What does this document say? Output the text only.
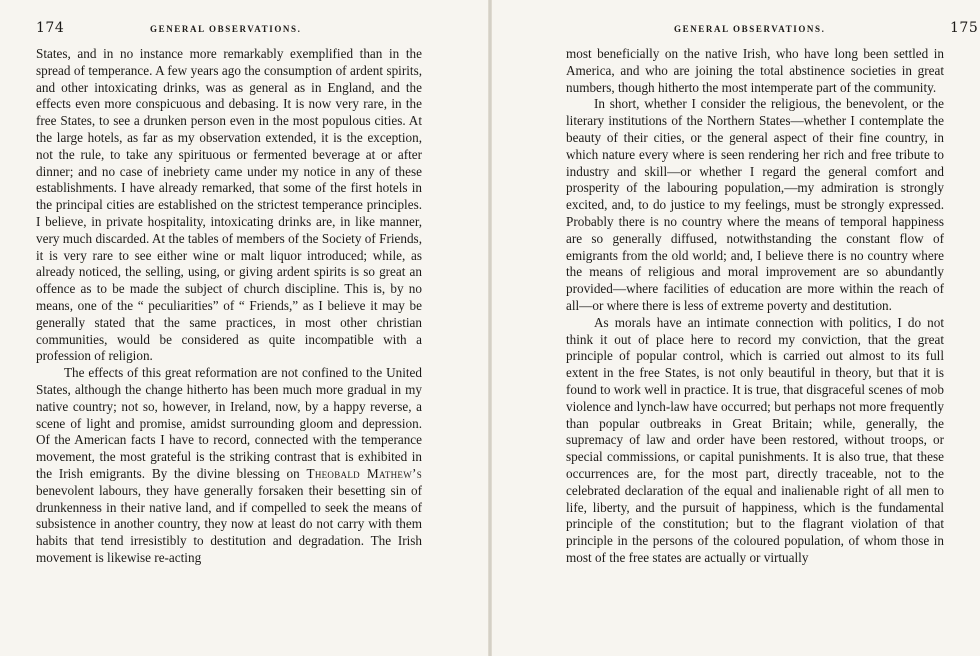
174	GENERAL OBSERVATIONS.

States, and in no instance more remarkably exemplified than in the spread of temperance. A few years ago the consumption of ardent spirits, and other intoxicating drinks, was as general as in England, and the effects even more conspicuous and debasing. It is now very rare, in the free States, to see a drunken person even in the most populous cities. At the large hotels, as far as my observation extended, it is the exception, not the rule, to take any spirituous or fermented beverage at or after dinner; and no case of inebriety came under my notice in any of these establishments. I have already remarked, that some of the first hotels in the principal cities are established on the strictest temperance principles. I believe, in private hospitality, intoxicating drinks are, in like manner, very much discarded. At the tables of members of the Society of Friends, it is very rare to see either wine or malt liquor introduced; while, as already noticed, the selling, using, or giving ardent spirits is so great an offence as to be made the subject of church discipline. This is, by no means, one of the “ peculiarities” of “ Friends,” as I believe it may be generally stated that the same practices, in most other christian communities, would be considered as quite incompatible with a profession of religion.

The effects of this great reformation are not confined to the United States, although the change hitherto has been much more gradual in my native country; not so, however, in Ireland, now, by a happy reverse, a scene of light and promise, amidst surrounding gloom and depression. Of the American facts I have to record, connected with the temperance movement, the most grateful is the striking contrast that is exhibited in the Irish emigrants. By the divine blessing on Theobald Mathew’s benevolent labours, they have generally forsaken their besetting sin of drunkenness in their native land, and if compelled to seek the means of subsistence in another country, they now at least do not carry with them habits that tend irresistibly to destitution and degradation. The Irish movement is likewise re-acting

GENERAL OBSERVATIONS.	175

most beneficially on the native Irish, who have long been settled in America, and who are joining the total abstinence societies in great numbers, though hitherto the most intemperate part of the community.

In short, whether I consider the religious, the benevolent, or the literary institutions of the Northern States—whether I contemplate the beauty of their cities, or the general aspect of their fine country, in which nature every where is seen rendering her rich and free tribute to industry and skill—or whether I regard the general comfort and prosperity of the labouring population,—my admiration is strongly excited, and, to do justice to my feelings, must be strongly expressed. Probably there is no country where the means of temporal happiness are so generally diffused, notwithstanding the constant flow of emigrants from the old world; and, I believe there is no country where the means of religious and moral improvement are so abundantly provided—where facilities of education are more within the reach of all—or where there is less of extreme poverty and destitution.

As morals have an intimate connection with politics, I do not think it out of place here to record my conviction, that the great principle of popular control, which is carried out almost to its full extent in the free States, is not only beautiful in theory, but that it is found to work well in practice. It is true, that disgraceful scenes of mob violence and lynch-law have occurred; but perhaps not more frequently than popular outbreaks in Great Britain; while, generally, the supremacy of law and order have been restored, without troops, or special commissions, or capital punishments. It is also true, that these occurrences are, for the most part, directly traceable, not to the celebrated declaration of the equal and inalienable right of all men to life, liberty, and the pursuit of happiness, which is the fundamental principle of the constitution; but to the flagrant violation of that principle in the persons of the coloured population, of whom those in most of the free states are actually or virtually
